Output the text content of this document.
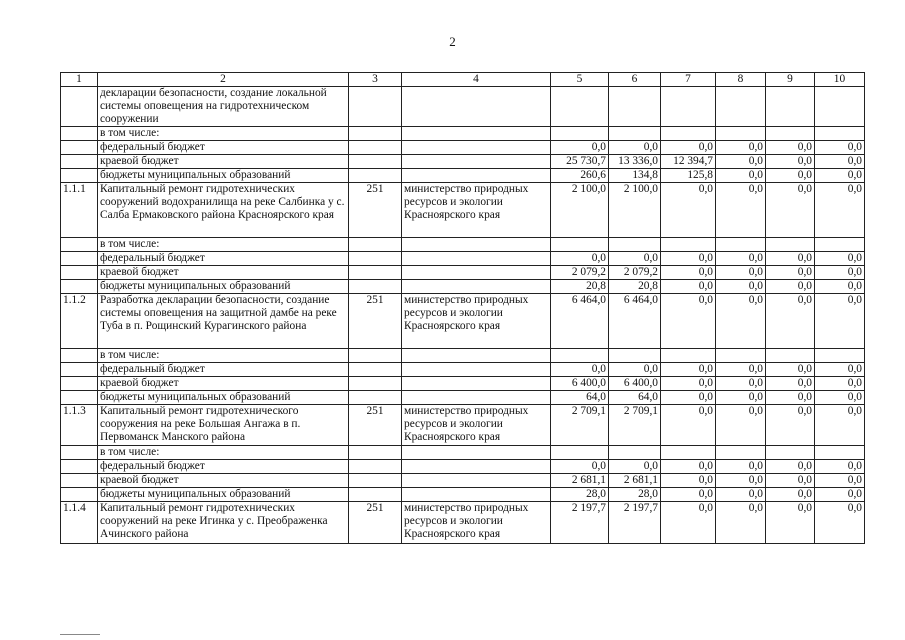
2
1	2	3	4	5	6	7	8	9	10
	декларации безопасности, создание локальной системы оповещения на гидротехническом сооружении								
	в том числе:								
	федеральный бюджет			0,0	0,0	0,0	0,0	0,0	0,0
	краевой бюджет			25 730,7	13 336,0	12 394,7	0,0	0,0	0,0
	бюджеты муниципальных образований			260,6	134,8	125,8	0,0	0,0	0,0
1.1.1	Капитальный ремонт гидротехнических сооружений водохранилища на реке Салбинка у с. Салба Ермаковского района Красноярского края	251	министерство природных ресурсов и экологии Красноярского края	2 100,0	2 100,0	0,0	0,0	0,0	0,0
	в том числе:								
	федеральный бюджет			0,0	0,0	0,0	0,0	0,0	0,0
	краевой бюджет			2 079,2	2 079,2	0,0	0,0	0,0	0,0
	бюджеты муниципальных образований			20,8	20,8	0,0	0,0	0,0	0,0
1.1.2	Разработка декларации безопасности, создание системы оповещения на защитной дамбе на реке Туба в п. Рощинский Курагинского района	251	министерство природных ресурсов и экологии Красноярского края	6 464,0	6 464,0	0,0	0,0	0,0	0,0
	в том числе:								
	федеральный бюджет			0,0	0,0	0,0	0,0	0,0	0,0
	краевой бюджет			6 400,0	6 400,0	0,0	0,0	0,0	0,0
	бюджеты муниципальных образований			64,0	64,0	0,0	0,0	0,0	0,0
1.1.3	Капитальный ремонт гидротехнического сооружения на реке Большая Ангажа в п. Первоманск Манского района	251	министерство природных ресурсов и экологии Красноярского края	2 709,1	2 709,1	0,0	0,0	0,0	0,0
	в том числе:								
	федеральный бюджет			0,0	0,0	0,0	0,0	0,0	0,0
	краевой бюджет			2 681,1	2 681,1	0,0	0,0	0,0	0,0
	бюджеты муниципальных образований			28,0	28,0	0,0	0,0	0,0	0,0
1.1.4	Капитальный ремонт гидротехнических сооружений на реке Игинка у с. Преображенка Ачинского района	251	министерство природных ресурсов и экологии Красноярского края	2 197,7	2 197,7	0,0	0,0	0,0	0,0
